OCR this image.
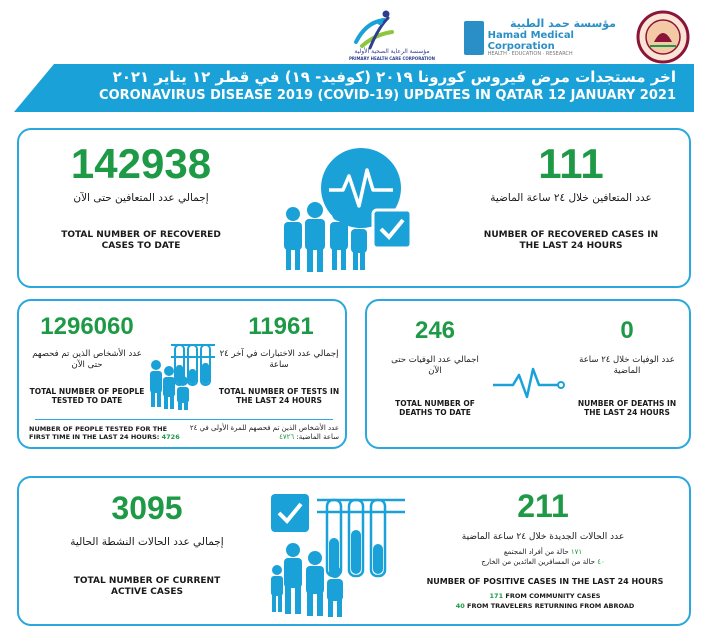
مؤسسة الرعاية الصحية الأولية
PRIMARY HEALTH CARE CORPORATION
مؤسسة حمد الطبية
Hamad Medical Corporation
HEALTH · EDUCATION · RESEARCH
اخر مستجدات مرض فيروس كورونا ٢٠١٩ (كوفيد- ١٩) في قطر ١٢ يناير ٢٠٢١
CORONAVIRUS DISEASE 2019 (COVID-19) UPDATES IN QATAR 12 JANUARY 2021
142938
إجمالي عدد المتعافين حتى الآن
TOTAL NUMBER OF RECOVERED CASES TO DATE
111
عدد المتعافين خلال ٢٤ ساعة الماضية
NUMBER OF RECOVERED CASES IN THE LAST 24 HOURS
1296060
عدد الأشخاص الذين تم فحصهم حتى الآن
TOTAL NUMBER OF PEOPLE TESTED TO DATE
11961
إجمالي عدد الاختبارات في آخر ٢٤ ساعة
TOTAL NUMBER OF TESTS IN THE LAST 24 HOURS
NUMBER OF PEOPLE TESTED FOR THE FIRST TIME IN THE LAST 24 HOURS: 4726
عدد الأشخاص الذين تم فحصهم للمرة الأولى في ٢٤ ساعة الماضية: ٤٧٢٦
246
اجمالي عدد الوفيات حتى الآن
TOTAL NUMBER OF DEATHS TO DATE
0
عدد الوفيات خلال ٢٤ ساعة الماضية
NUMBER OF DEATHS IN THE LAST 24 HOURS
3095
إجمالي عدد الحالات النشطة الحالية
TOTAL NUMBER OF CURRENT ACTIVE CASES
211
عدد الحالات الجديدة خلال ٢٤ ساعة الماضية
١٧١ حالة من أفراد المجتمع
٤٠ حالة من المسافرين العائدين من الخارج
NUMBER OF POSITIVE CASES IN THE LAST 24 HOURS
171 FROM COMMUNITY CASES
40 FROM TRAVELERS RETURNING FROM ABROAD
